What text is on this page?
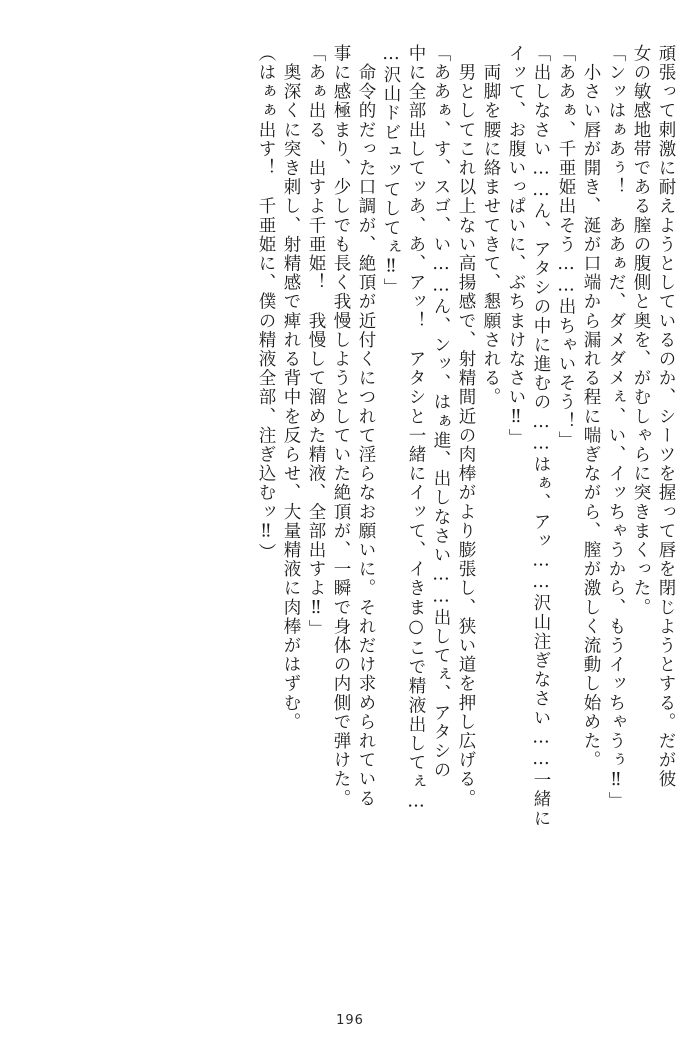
頑張って刺激に耐えようとしているのか、シーツを握って唇を閉じようとする。だが彼
女の敏感地帯である膣の腹側と奥を、がむしゃらに突きまくった。
「ンッはぁあぅ！　ああぁだ、ダメダメぇ、い、イッちゃうから、もうイッちゃうぅ‼」
　小さい唇が開き、涎が口端から漏れる程に喘ぎながら、膣が激しく流動し始めた。
「ああぁ、千亜姫出そう……出ちゃいそう！」
「出しなさい……ん、アタシの中に進むの……はぁ、アッ……沢山注ぎなさい……一緒に
イッて、お腹いっぱいに、ぶちまけなさい‼」
　両脚を腰に絡ませてきて、懇願される。
　男としてこれ以上ない高揚感で、射精間近の肉棒がより膨張し、狭い道を押し広げる。
「ああぁ、す、スゴ、い……ん、ンッ、はぁ進、出しなさい……出してぇ、アタシの
中に全部出してッあ、あ、アッ！　アタシと一緒にイッて、イきま○こで精液出してぇ…
…沢山ドビュッてしてぇ‼」
　命令的だった口調が、絶頂が近付くにつれて淫らなお願いに。それだけ求められている
事に感極まり、少しでも長く我慢しようとしていた絶頂が、一瞬で身体の内側で弾けた。
「あぁ出る、出すよ千亜姫！　我慢して溜めた精液、全部出すよ‼」
　奥深くに突き刺し、射精感で痺れる背中を反らせ、大量精液に肉棒がはずむ。
（はぁぁ出す！　千亜姫に、僕の精液全部、注ぎ込むッ‼）
196
